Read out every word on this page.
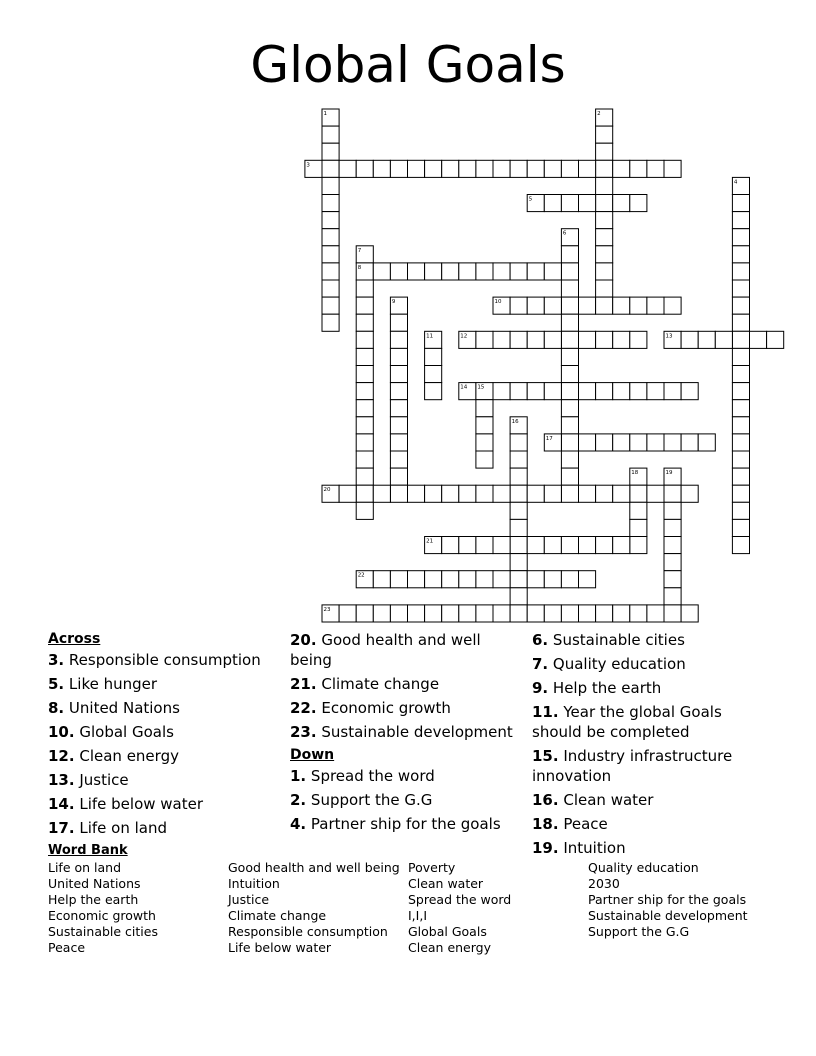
Global Goals
1	2
3
4
5
6
7
8
9	10
11	12	13
14 15
16
17
18	19
20
21
22
23
Across
3. Responsible consumption
5. Like hunger
8. United Nations
10. Global Goals
12. Clean energy
13. Justice
14. Life below water
17. Life on land
20. Good health and well being
21. Climate change
22. Economic growth
23. Sustainable development
Down
1. Spread the word
2. Support the G.G
4. Partner ship for the goals
6. Sustainable cities
7. Quality education
9. Help the earth
11. Year the global Goals should be completed
15. Industry infrastructure innovation
16. Clean water
18. Peace
19. Intuition
Word Bank
Life on land
United Nations
Help the earth
Economic growth
Sustainable cities
Peace
Good health and well being
Intuition
Justice
Climate change
Responsible consumption
Life below water
Poverty
Clean water
Spread the word
I,I,I
Global Goals
Clean energy
Quality education
2030
Partner ship for the goals
Sustainable development
Support the G.G
